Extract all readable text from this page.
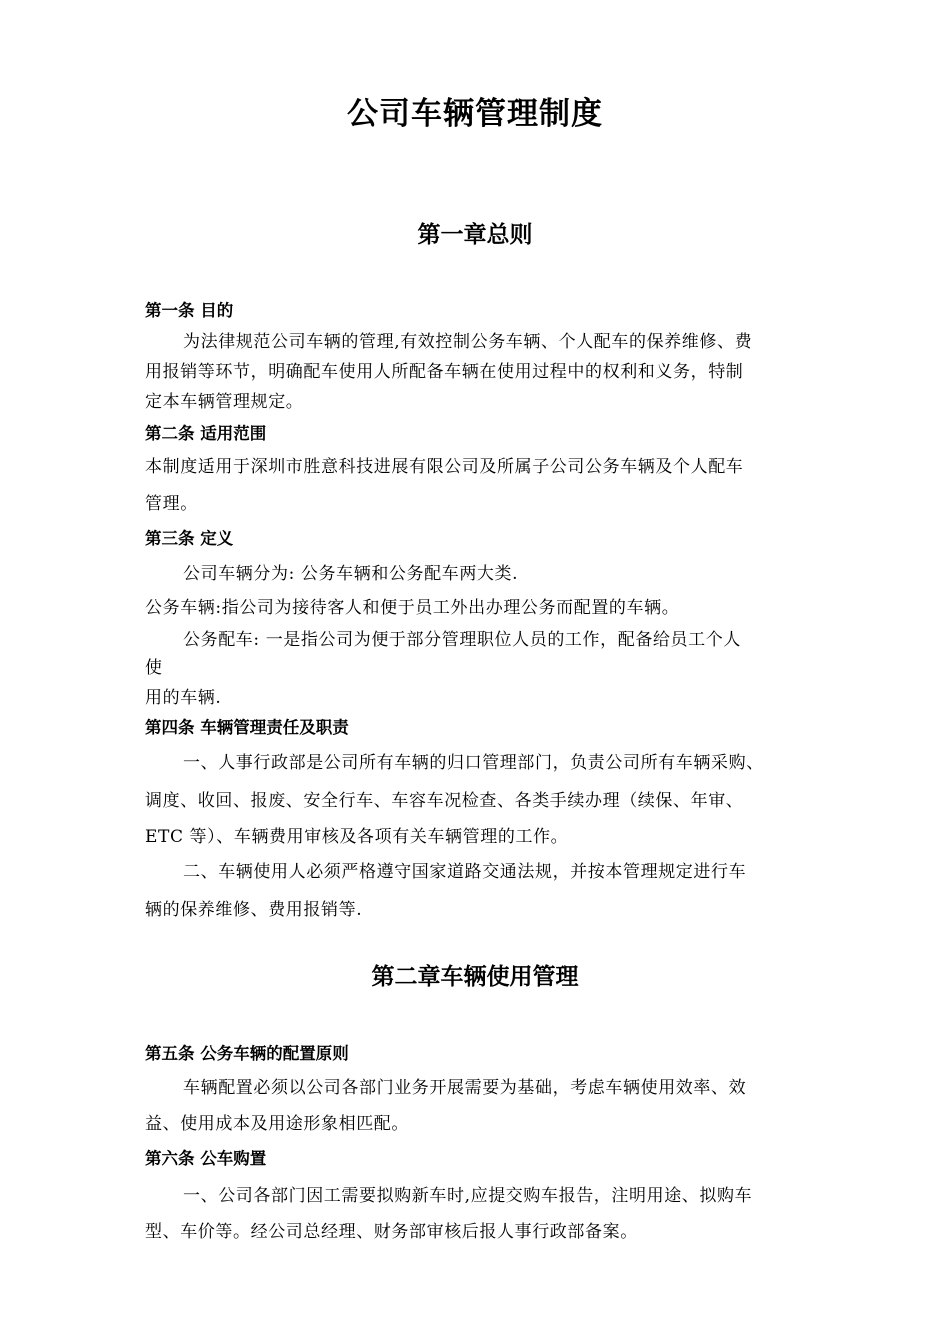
公司车辆管理制度
第一章总则
第一条 目的
为法律规范公司车辆的管理,有效控制公务车辆、个人配车的保养维修、费
用报销等环节，明确配车使用人所配备车辆在使用过程中的权利和义务，特制
定本车辆管理规定。
第二条 适用范围
本制度适用于深圳市胜意科技进展有限公司及所属子公司公务车辆及个人配车
管理。
第三条 定义
公司车辆分为: 公务车辆和公务配车两大类.
公务车辆:指公司为接待客人和便于员工外出办理公务而配置的车辆。
公务配车: 一是指公司为便于部分管理职位人员的工作，配备给员工个人
使
用的车辆.
第四条 车辆管理责任及职责
一、人事行政部是公司所有车辆的归口管理部门，负责公司所有车辆采购、
调度、收回、报废、安全行车、车容车况检查、各类手续办理（续保、年审、
ETC 等）、车辆费用审核及各项有关车辆管理的工作。
二、车辆使用人必须严格遵守国家道路交通法规，并按本管理规定进行车
辆的保养维修、费用报销等.
第二章车辆使用管理
第五条 公务车辆的配置原则
车辆配置必须以公司各部门业务开展需要为基础，考虑车辆使用效率、效
益、使用成本及用途形象相匹配。
第六条 公车购置
一、公司各部门因工需要拟购新车时,应提交购车报告，注明用途、拟购车
型、车价等。经公司总经理、财务部审核后报人事行政部备案。
